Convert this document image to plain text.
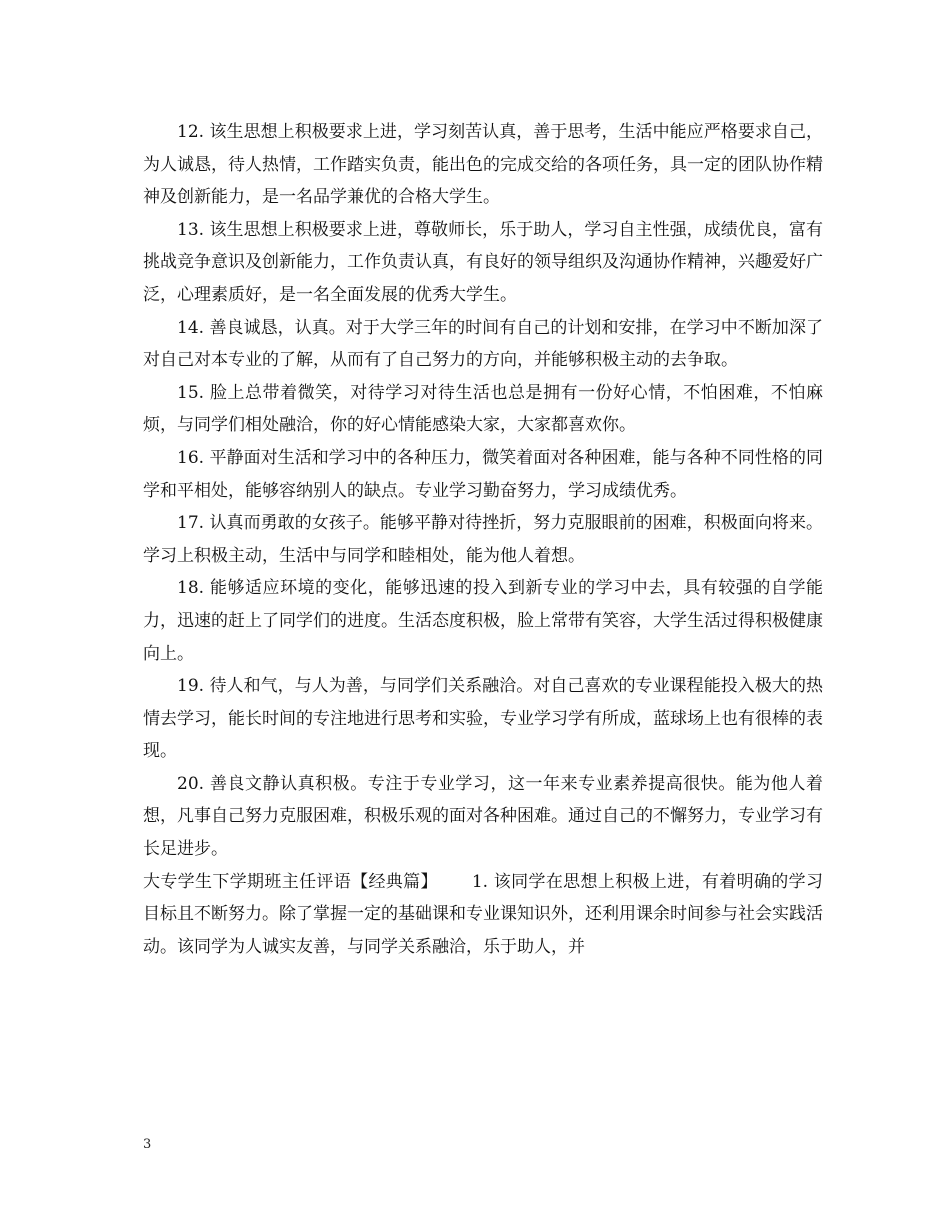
12. 该生思想上积极要求上进，学习刻苦认真，善于思考，生活中能应严格要求自己，为人诚恳，待人热情，工作踏实负责，能出色的完成交给的各项任务，具一定的团队协作精神及创新能力，是一名品学兼优的合格大学生。

13. 该生思想上积极要求上进，尊敬师长，乐于助人，学习自主性强，成绩优良，富有挑战竞争意识及创新能力，工作负责认真，有良好的领导组织及沟通协作精神，兴趣爱好广泛，心理素质好，是一名全面发展的优秀大学生。

14. 善良诚恳，认真。对于大学三年的时间有自己的计划和安排，在学习中不断加深了对自己对本专业的了解，从而有了自己努力的方向，并能够积极主动的去争取。

15. 脸上总带着微笑，对待学习对待生活也总是拥有一份好心情，不怕困难，不怕麻烦，与同学们相处融洽，你的好心情能感染大家，大家都喜欢你。

16. 平静面对生活和学习中的各种压力，微笑着面对各种困难，能与各种不同性格的同学和平相处，能够容纳别人的缺点。专业学习勤奋努力，学习成绩优秀。

17. 认真而勇敢的女孩子。能够平静对待挫折，努力克服眼前的困难，积极面向将来。学习上积极主动，生活中与同学和睦相处，能为他人着想。

18. 能够适应环境的变化，能够迅速的投入到新专业的学习中去，具有较强的自学能力，迅速的赶上了同学们的进度。生活态度积极，脸上常带有笑容，大学生活过得积极健康向上。

19. 待人和气，与人为善，与同学们关系融洽。对自己喜欢的专业课程能投入极大的热情去学习，能长时间的专注地进行思考和实验，专业学习学有所成，蓝球场上也有很棒的表现。

20. 善良文静认真积极。专注于专业学习，这一年来专业素养提高很快。能为他人着想，凡事自己努力克服困难，积极乐观的面对各种困难。通过自己的不懈努力，专业学习有长足进步。

大专学生下学期班主任评语【经典篇】   1. 该同学在思想上积极上进，有着明确的学习目标且不断努力。除了掌握一定的基础课和专业课知识外，还利用课余时间参与社会实践活动。该同学为人诚实友善，与同学关系融洽，乐于助人，并

3
